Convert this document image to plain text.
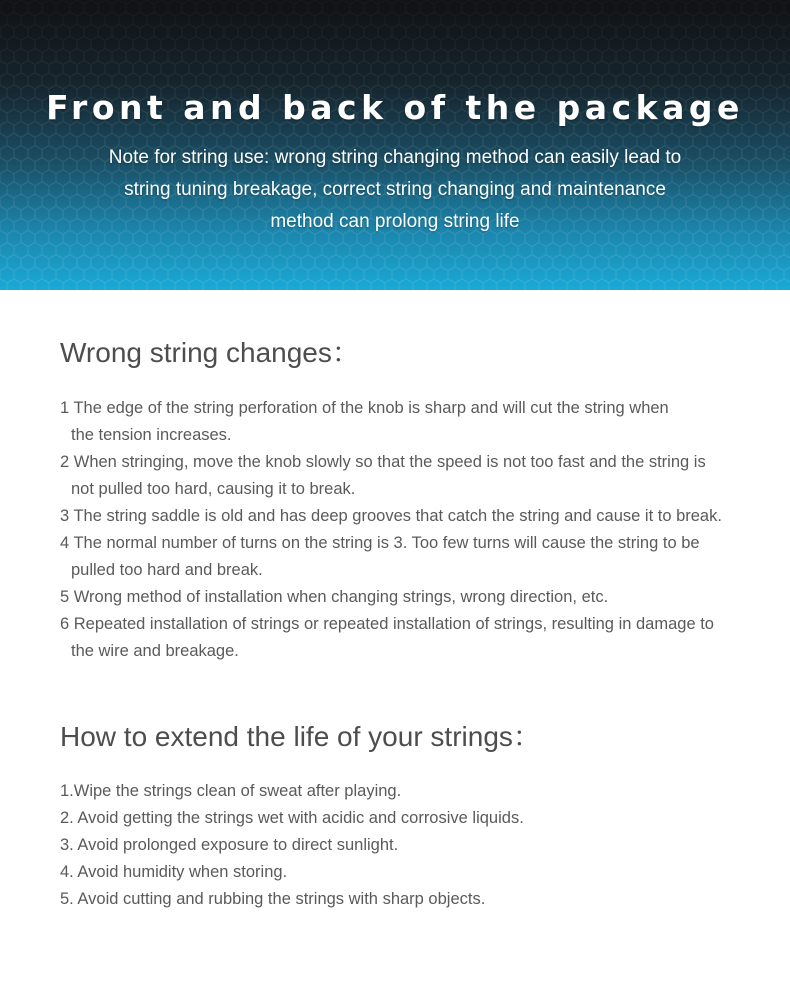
Front and back of the package

Note for string use: wrong string changing method can easily lead to
string tuning breakage, correct string changing and maintenance
method can prolong string life

Wrong string changes：
1 The edge of the string perforation of the knob is sharp and will cut the string when
the tension increases.
2 When stringing, move the knob slowly so that the speed is not too fast and the string is
not pulled too hard, causing it to break.
3 The string saddle is old and has deep grooves that catch the string and cause it to break.
4 The normal number of turns on the string is 3. Too few turns will cause the string to be
pulled too hard and break.
5 Wrong method of installation when changing strings, wrong direction, etc.
6 Repeated installation of strings or repeated installation of strings, resulting in damage to
the wire and breakage.
How to extend the life of your strings：
1.Wipe the strings clean of sweat after playing.
2. Avoid getting the strings wet with acidic and corrosive liquids.
3. Avoid prolonged exposure to direct sunlight.
4. Avoid humidity when storing.
5. Avoid cutting and rubbing the strings with sharp objects.
